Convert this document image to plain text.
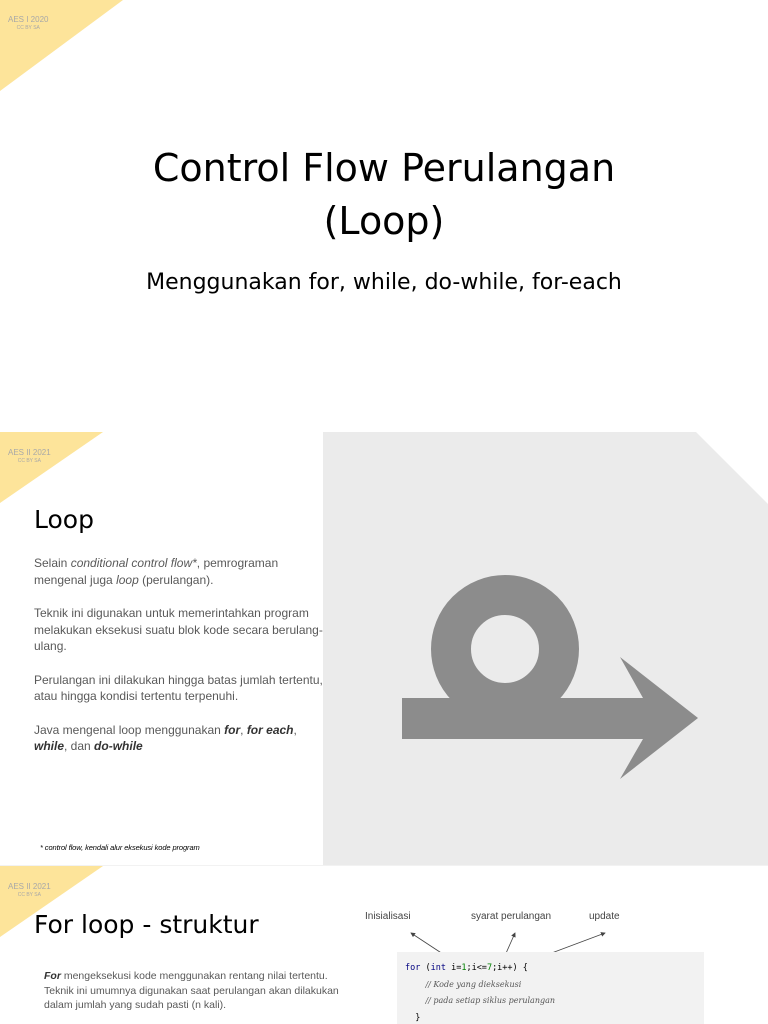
AES I 2020
CC BY SA
Control Flow Perulangan
(Loop)
Menggunakan for, while, do-while, for-each
AES II 2021
CC BY SA
Loop

Selain conditional control flow*, pemrograman mengenal juga loop (perulangan).

Teknik ini digunakan untuk memerintahkan program melakukan eksekusi suatu blok kode secara berulang-ulang.

Perulangan ini dilakukan hingga batas jumlah tertentu, atau hingga kondisi tertentu terpenuhi.

Java mengenal loop menggunakan for, for each, while, dan do-while

* control flow, kendali alur eksekusi kode program
AES II 2021
CC BY SA
For loop - struktur
For mengeksekusi kode menggunakan rentang nilai tertentu. Teknik ini umumnya digunakan saat perulangan akan dilakukan dalam jumlah yang sudah pasti (n kali).
Inisialisasi	syarat perulangan	update
for (int i=1;i<=7;i++) {
// Kode yang dieksekusi
// pada setiap siklus perulangan
}
